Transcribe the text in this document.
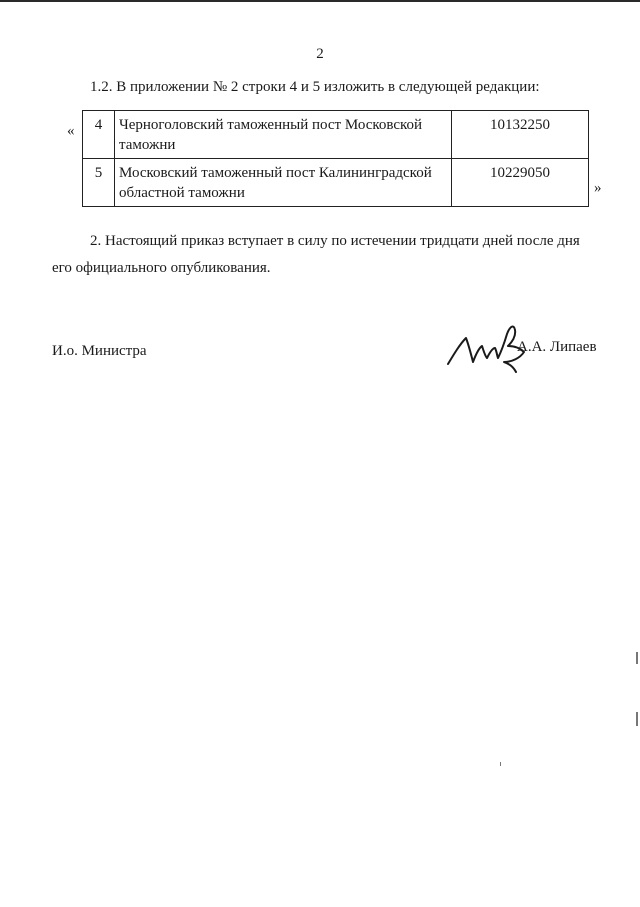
2
1.2. В приложении № 2 строки 4 и 5 изложить в следующей редакции:
« 4	Черноголовский таможенный пост Московской таможни	10132250
5	Московский таможенный пост Калининградской областной таможни	10229050
»
2. Настоящий приказ вступает в силу по истечении тридцати дней после дня
его официального опубликования.
И.о. Министра	А.А. Липаев
